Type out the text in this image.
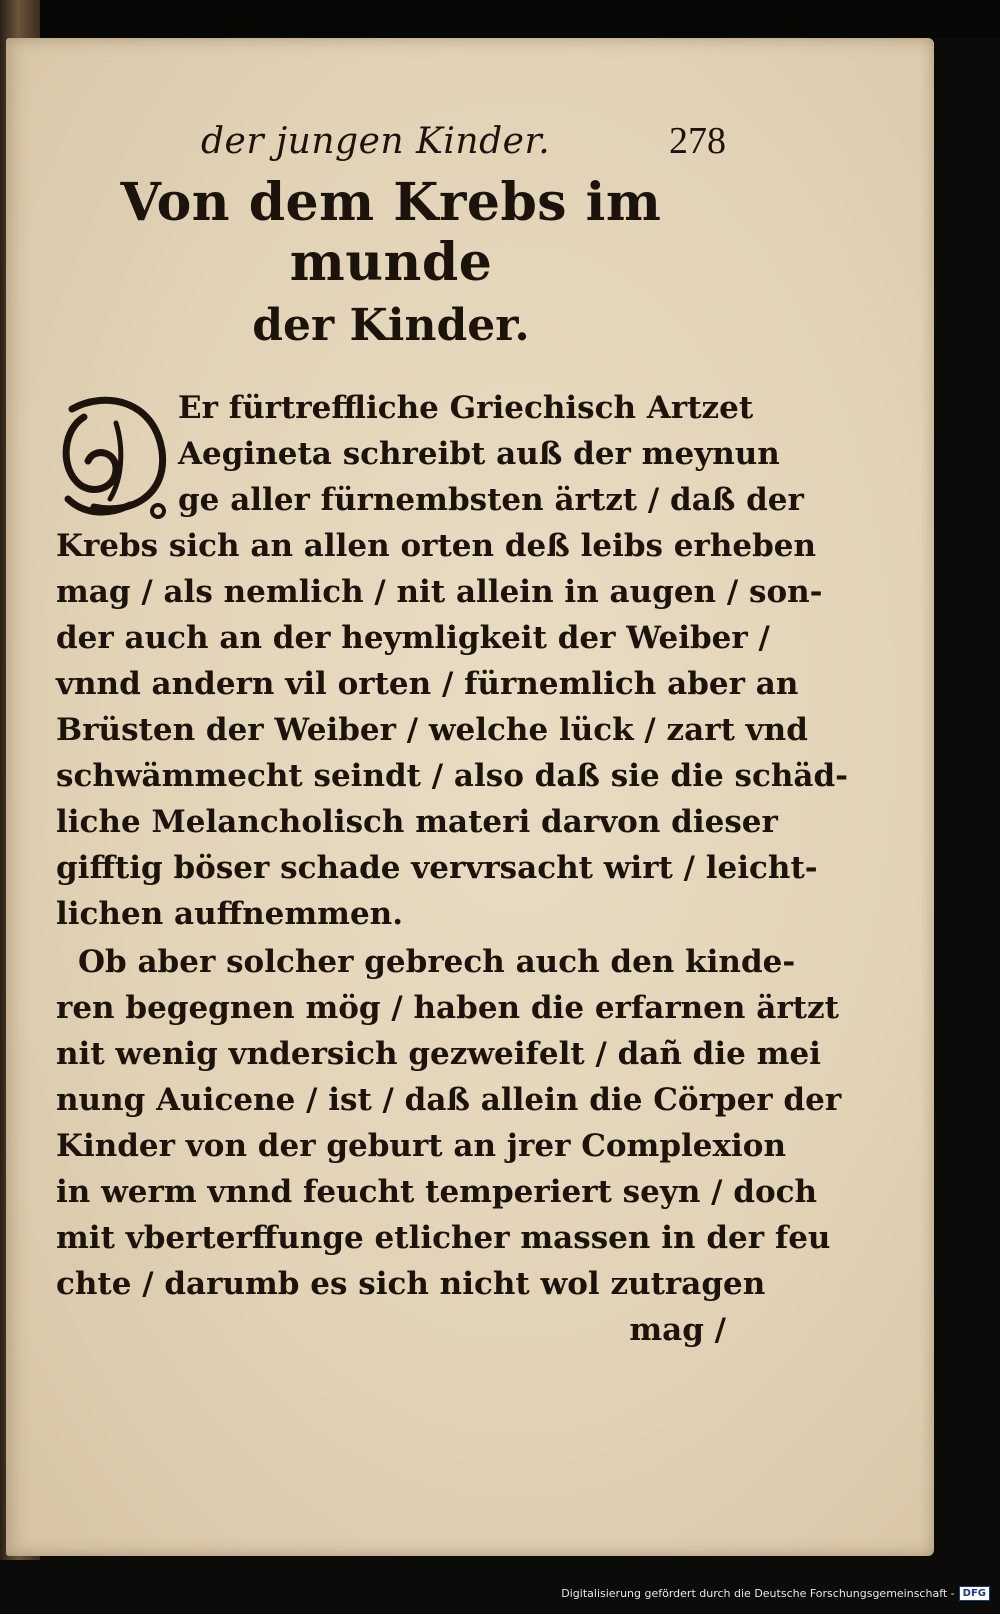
der jungen Kinder.	278
Von dem Krebs im munde
der Kinder.
Er fürtreffliche Griechisch Artzet
Aegineta schreibt auß der meynun
ge aller fürnembsten ärtzt / daß der
Krebs sich an allen orten deß leibs erheben
mag / als nemlich / nit allein in augen / son-
der auch an der heymligkeit der Weiber /
vnnd andern vil orten / fürnemlich aber an
Brüsten der Weiber / welche lück / zart vnd
schwämmecht seindt / also daß sie die schäd-
liche Melancholisch materi darvon dieser
gifftig böser schade vervrsacht wirt / leicht-
lichen auffnemmen.
Ob aber solcher gebrech auch den kinde-
ren begegnen mög / haben die erfarnen ärtzt
nit wenig vndersich gezweifelt / dañ die mei
nung Auicene / ist / daß allein die Cörper der
Kinder von der geburt an jrer Complexion
in werm vnnd feucht temperiert seyn / doch
mit vberterffunge etlicher massen in der feu
chte / darumb es sich nicht wol zutragen
mag /
Digitalisierung gefördert durch die Deutsche Forschungsgemeinschaft - DFG
